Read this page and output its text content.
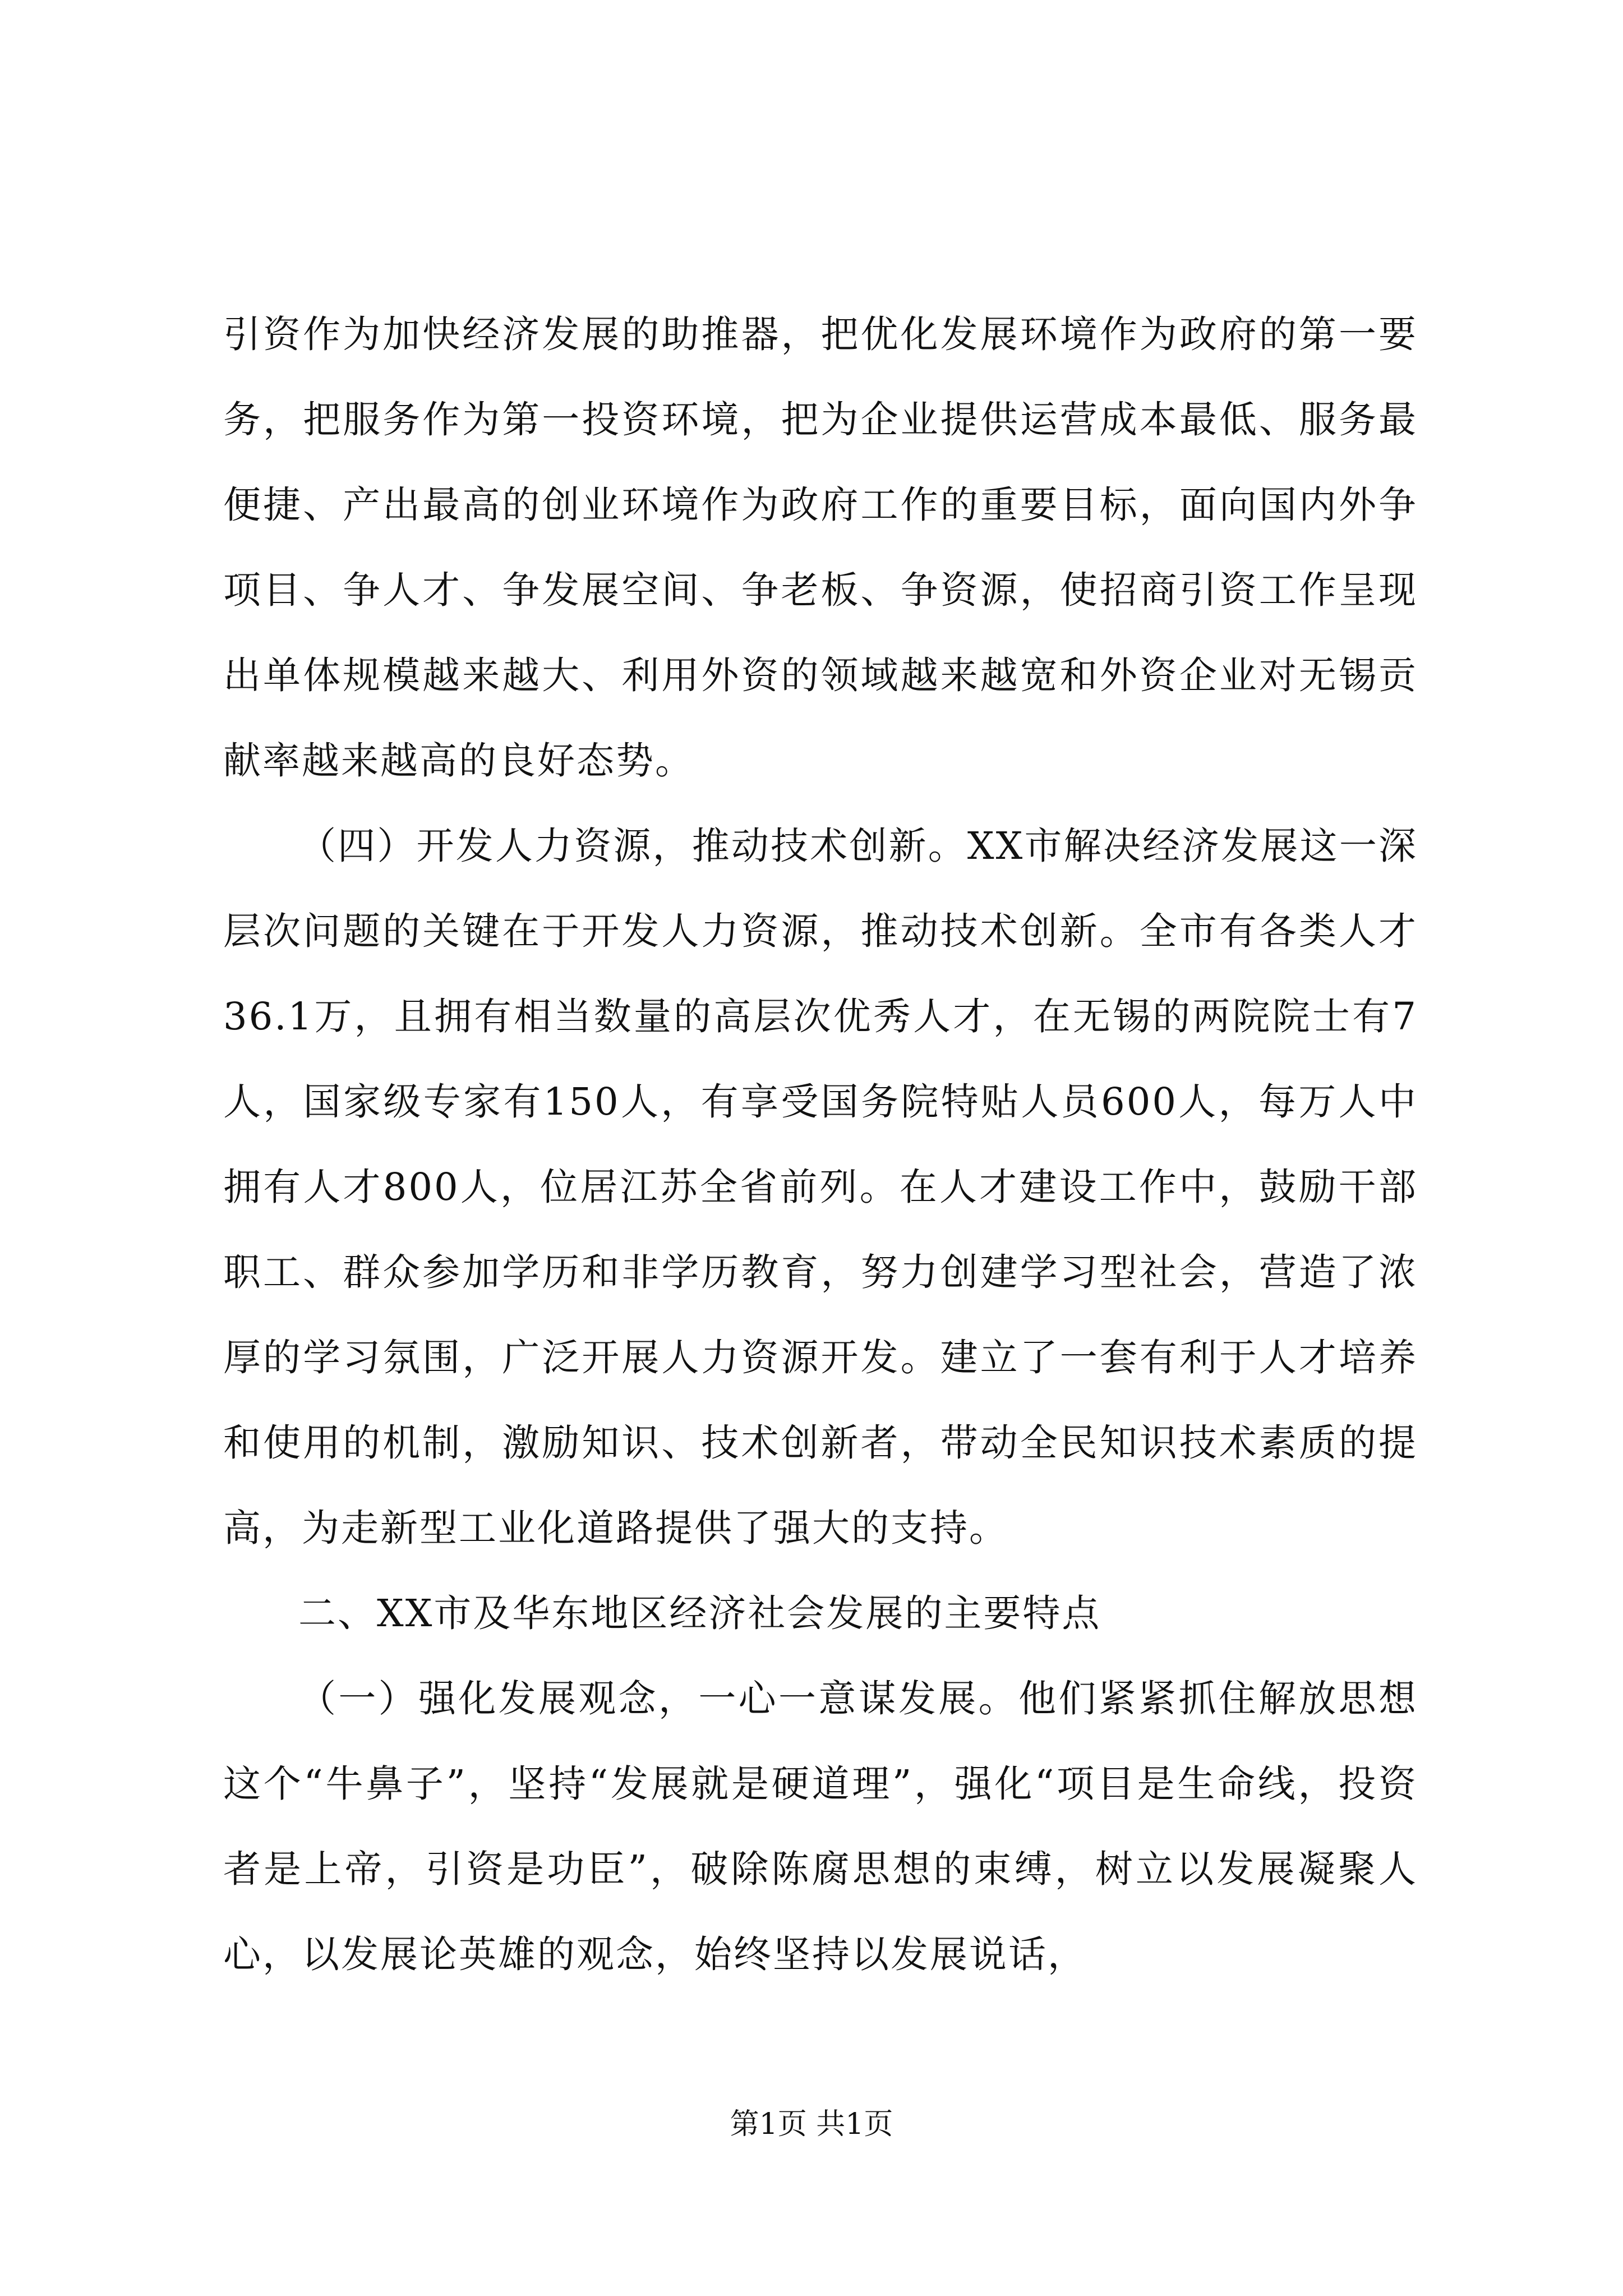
引资作为加快经济发展的助推器，把优化发展环境作为政府的第一要务，把服务作为第一投资环境，把为企业提供运营成本最低、服务最便捷、产出最高的创业环境作为政府工作的重要目标，面向国内外争项目、争人才、争发展空间、争老板、争资源，使招商引资工作呈现出单体规模越来越大、利用外资的领域越来越宽和外资企业对无锡贡献率越来越高的良好态势。

（四）开发人力资源，推动技术创新。XX市解决经济发展这一深层次问题的关键在于开发人力资源，推动技术创新。全市有各类人才36.1万，且拥有相当数量的高层次优秀人才，在无锡的两院院士有7人，国家级专家有150人，有享受国务院特贴人员600人，每万人中拥有人才800人，位居江苏全省前列。在人才建设工作中，鼓励干部职工、群众参加学历和非学历教育，努力创建学习型社会，营造了浓厚的学习氛围，广泛开展人力资源开发。建立了一套有利于人才培养和使用的机制，激励知识、技术创新者，带动全民知识技术素质的提高，为走新型工业化道路提供了强大的支持。

二、XX市及华东地区经济社会发展的主要特点

（一）强化发展观念，一心一意谋发展。他们紧紧抓住解放思想这个“牛鼻子”，坚持“发展就是硬道理”，强化“项目是生命线，投资者是上帝，引资是功臣”，破除陈腐思想的束缚，树立以发展凝聚人心，以发展论英雄的观念，始终坚持以发展说话，

第1页 共1页
